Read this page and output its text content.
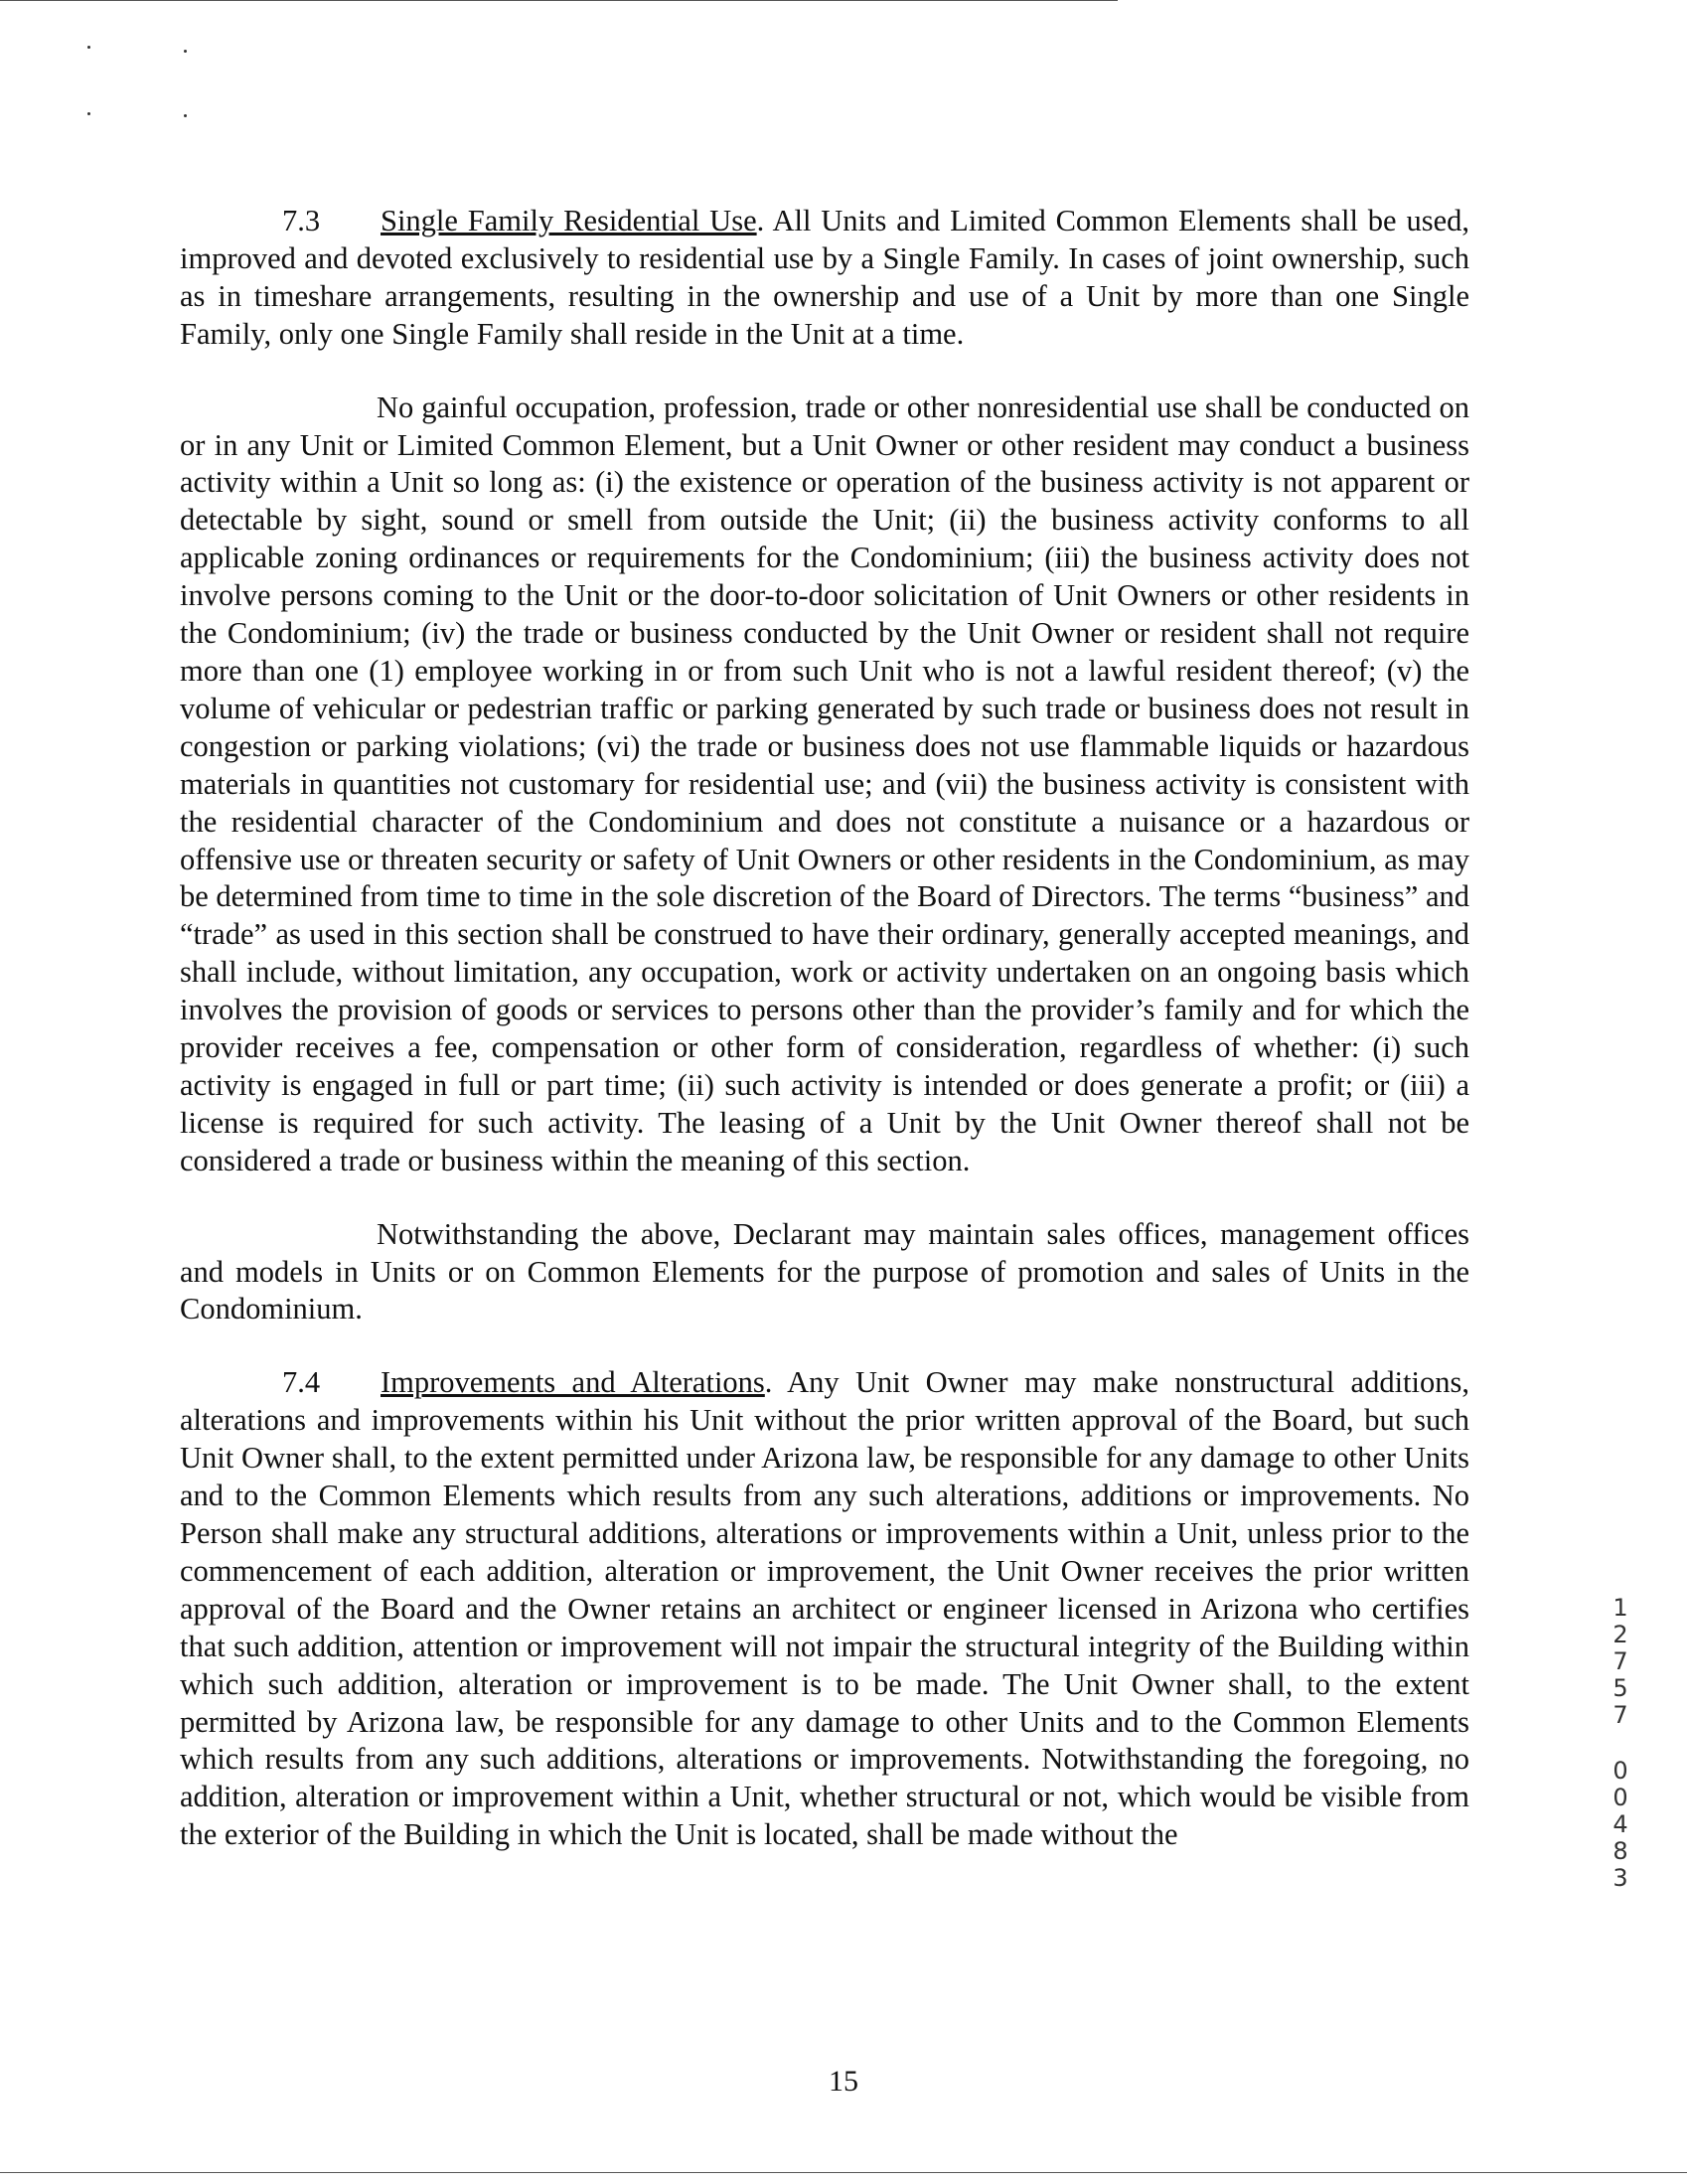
7.3 Single Family Residential Use. All Units and Limited Common Elements shall be used, improved and devoted exclusively to residential use by a Single Family. In cases of joint ownership, such as in timeshare arrangements, resulting in the ownership and use of a Unit by more than one Single Family, only one Single Family shall reside in the Unit at a time.

No gainful occupation, profession, trade or other nonresidential use shall be conducted on or in any Unit or Limited Common Element, but a Unit Owner or other resident may conduct a business activity within a Unit so long as: (i) the existence or operation of the business activity is not apparent or detectable by sight, sound or smell from outside the Unit; (ii) the business activity conforms to all applicable zoning ordinances or requirements for the Condominium; (iii) the business activity does not involve persons coming to the Unit or the door-to-door solicitation of Unit Owners or other residents in the Condominium; (iv) the trade or business conducted by the Unit Owner or resident shall not require more than one (1) employee working in or from such Unit who is not a lawful resident thereof; (v) the volume of vehicular or pedestrian traffic or parking generated by such trade or business does not result in congestion or parking violations; (vi) the trade or business does not use flammable liquids or hazardous materials in quantities not customary for residential use; and (vii) the business activity is consistent with the residential character of the Condominium and does not constitute a nuisance or a hazardous or offensive use or threaten security or safety of Unit Owners or other residents in the Condominium, as may be determined from time to time in the sole discretion of the Board of Directors. The terms “business” and “trade” as used in this section shall be construed to have their ordinary, generally accepted meanings, and shall include, without limitation, any occupation, work or activity undertaken on an ongoing basis which involves the provision of goods or services to persons other than the provider’s family and for which the provider receives a fee, compensation or other form of consideration, regardless of whether: (i) such activity is engaged in full or part time; (ii) such activity is intended or does generate a profit; or (iii) a license is required for such activity. The leasing of a Unit by the Unit Owner thereof shall not be considered a trade or business within the meaning of this section.

Notwithstanding the above, Declarant may maintain sales offices, management offices and models in Units or on Common Elements for the purpose of promotion and sales of Units in the Condominium.

7.4 Improvements and Alterations. Any Unit Owner may make nonstructural additions, alterations and improvements within his Unit without the prior written approval of the Board, but such Unit Owner shall, to the extent permitted under Arizona law, be responsible for any damage to other Units and to the Common Elements which results from any such alterations, additions or improvements. No Person shall make any structural additions, alterations or improvements within a Unit, unless prior to the commencement of each addition, alteration or improvement, the Unit Owner receives the prior written approval of the Board and the Owner retains an architect or engineer licensed in Arizona who certifies that such addition, attention or improvement will not impair the structural integrity of the Building within which such addition, alteration or improvement is to be made. The Unit Owner shall, to the extent permitted by Arizona law, be responsible for any damage to other Units and to the Common Elements which results from any such additions, alterations or improvements. Notwithstanding the foregoing, no addition, alteration or improvement within a Unit, whether structural or not, which would be visible from the exterior of the Building in which the Unit is located, shall be made without the

15
1
2
7
5
7
0
0
4
8
3
